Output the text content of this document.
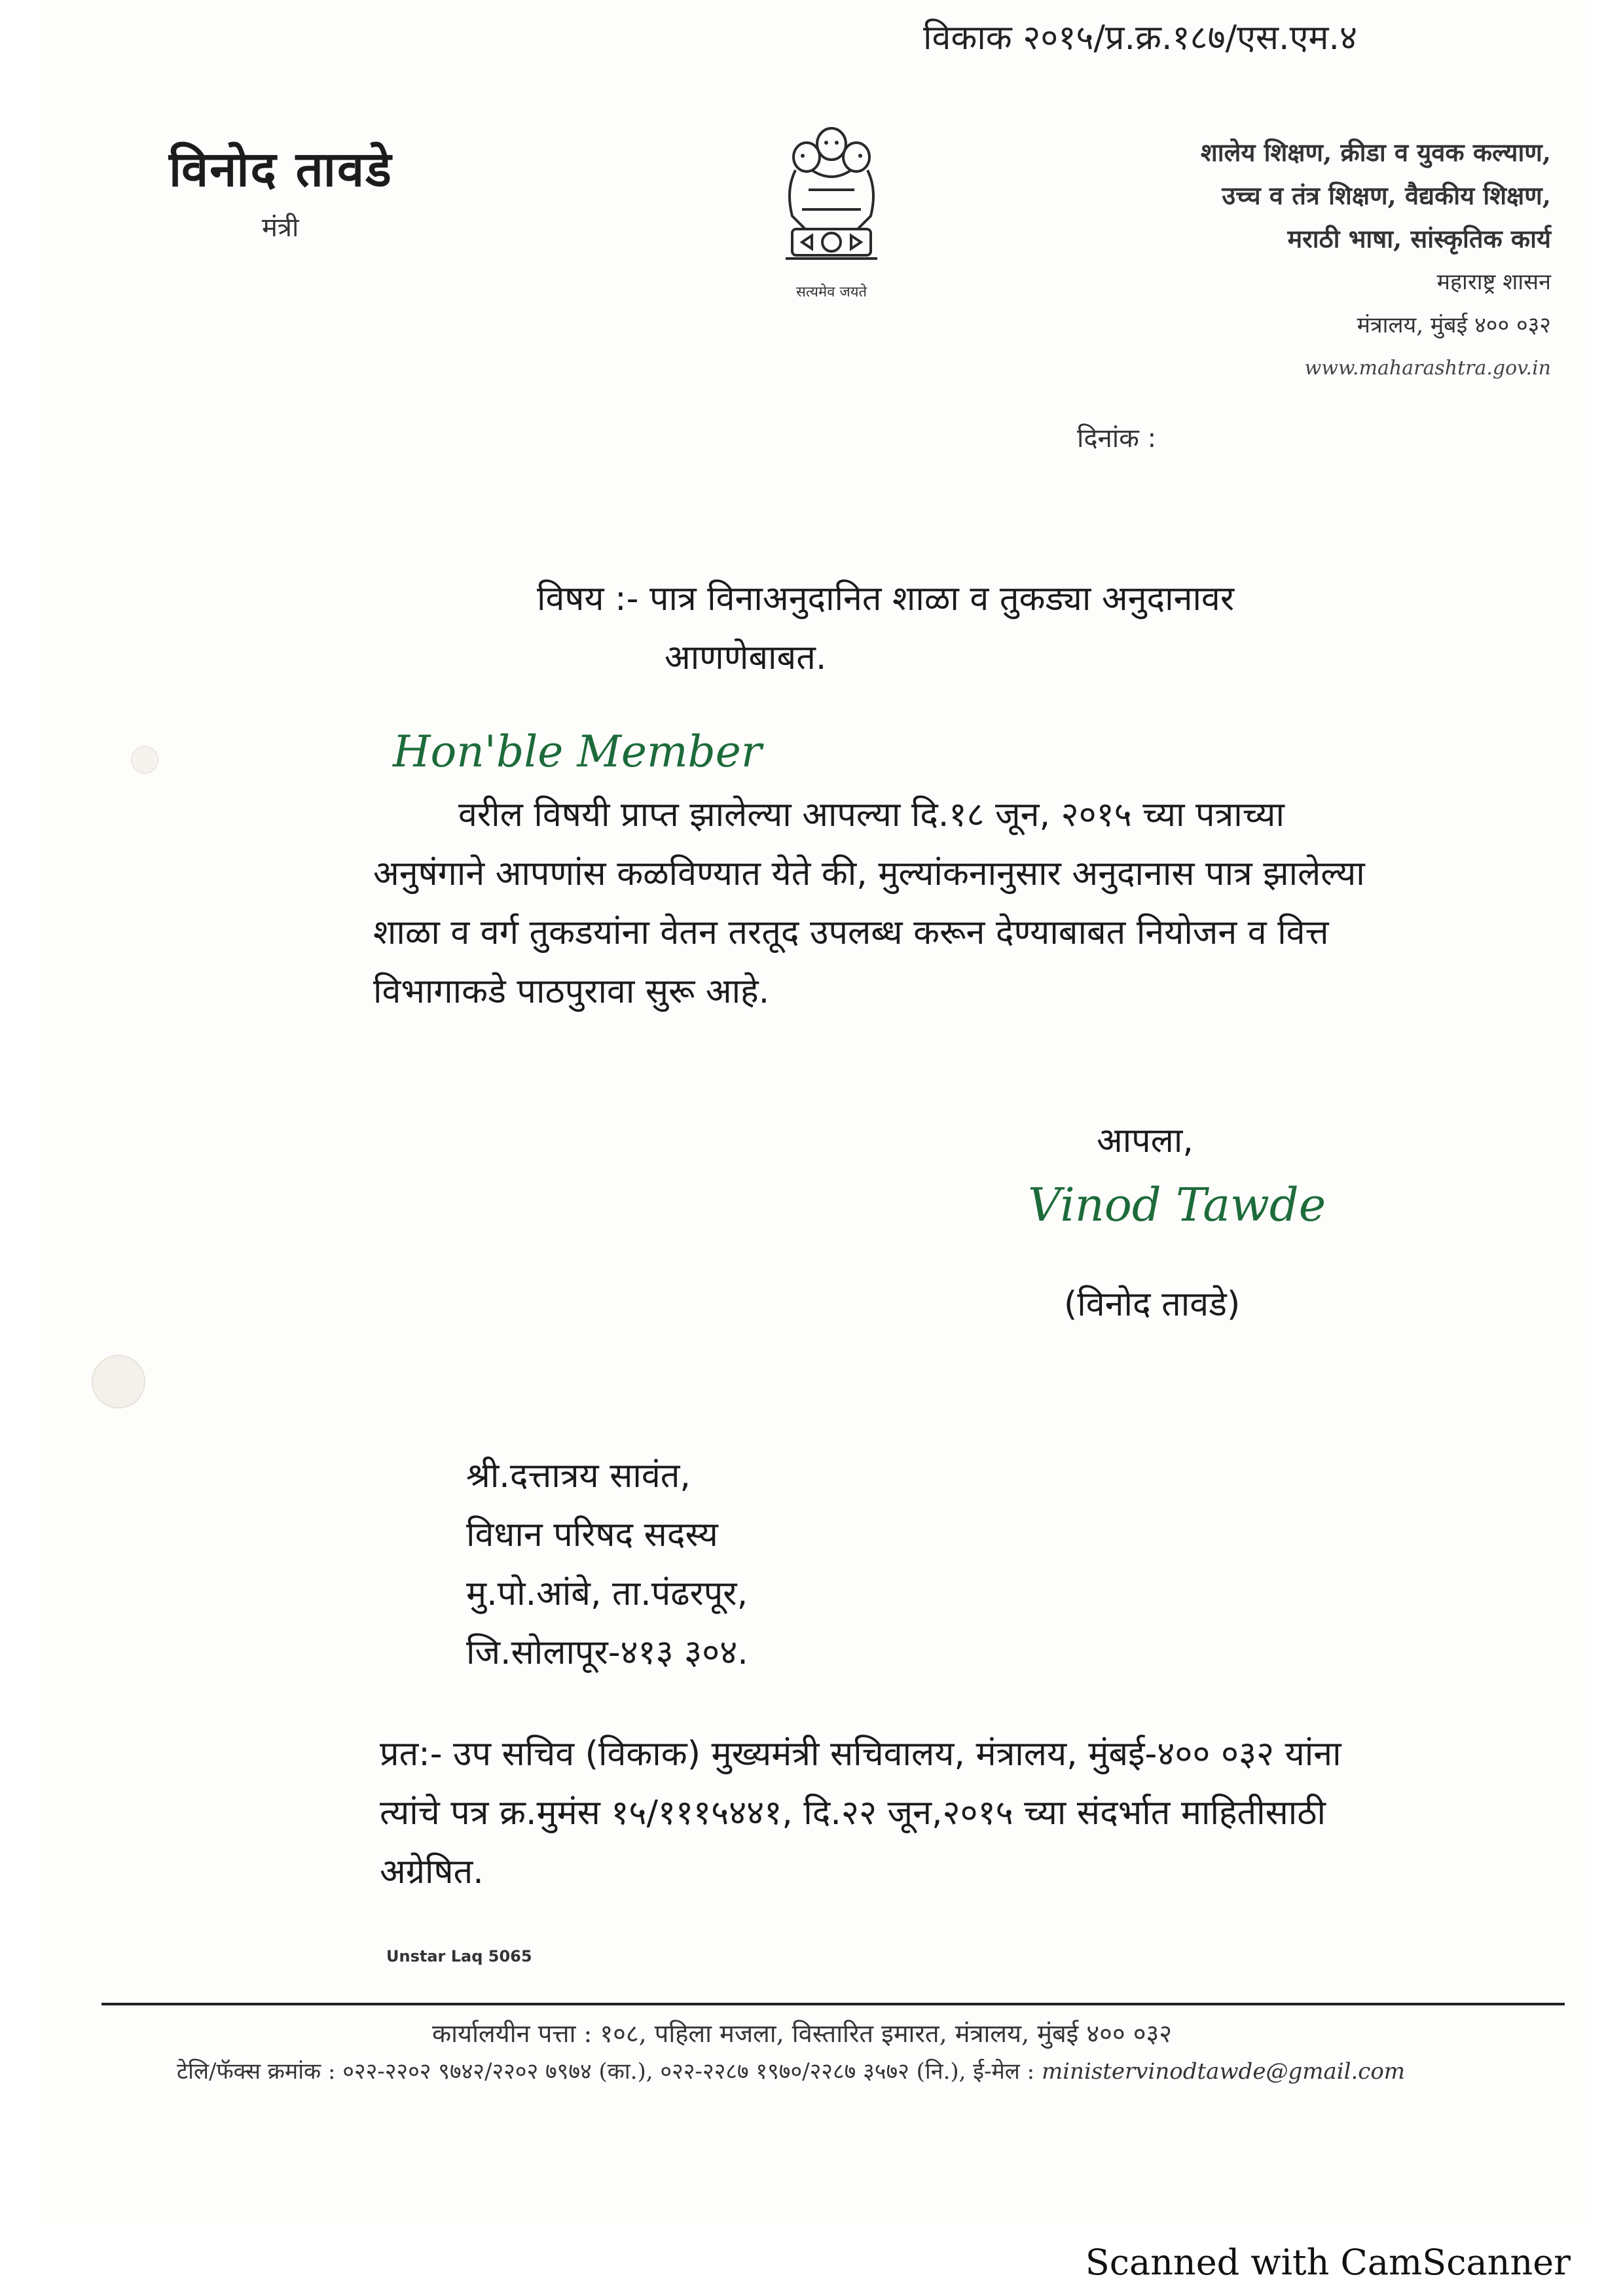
विकाक २०१५/प्र.क्र.१८७/एस.एम.४
विनोद तावडे
मंत्री
सत्यमेव जयते
शालेय शिक्षण, क्रीडा व युवक कल्याण,
उच्च व तंत्र शिक्षण, वैद्यकीय शिक्षण,
मराठी भाषा, सांस्कृतिक कार्य
महाराष्ट्र शासन
मंत्रालय, मुंबई ४०० ०३२
www.maharashtra.gov.in
दिनांक :
विषय :- पात्र विनाअनुदानित शाळा व तुकड्या अनुदानावर
आणणेबाबत.
Hon'ble Member
वरील विषयी प्राप्त झालेल्या आपल्या दि.१८ जून, २०१५ च्या पत्राच्या
अनुषंगाने आपणांस कळविण्यात येते की, मुल्यांकनानुसार अनुदानास पात्र झालेल्या
शाळा व वर्ग तुकडयांना वेतन तरतूद उपलब्ध करून देण्याबाबत नियोजन व वित्त
विभागाकडे पाठपुरावा सुरू आहे.
आपला,
Vinod Tawde
(विनोद तावडे)
श्री.दत्तात्रय सावंत,
विधान परिषद सदस्य
मु.पो.आंबे, ता.पंढरपूर,
जि.सोलापूर-४१३ ३०४.
प्रत:- उप सचिव (विकाक) मुख्यमंत्री सचिवालय, मंत्रालय, मुंबई-४०० ०३२ यांना
त्यांचे पत्र क्र.मुमंस १५/१११५४४१, दि.२२ जून,२०१५ च्या संदर्भात माहितीसाठी
अग्रेषित.
Unstar Laq 5065
कार्यालयीन पत्ता : १०८, पहिला मजला, विस्तारित इमारत, मंत्रालय, मुंबई ४०० ०३२
टेलि/फॅक्स क्रमांक : ०२२-२२०२ ९७४२/२२०२ ७९७४ (का.), ०२२-२२८७ १९७०/२२८७ ३५७२ (नि.), ई-मेल : ministervinodtawde@gmail.com
Scanned with CamScanner
